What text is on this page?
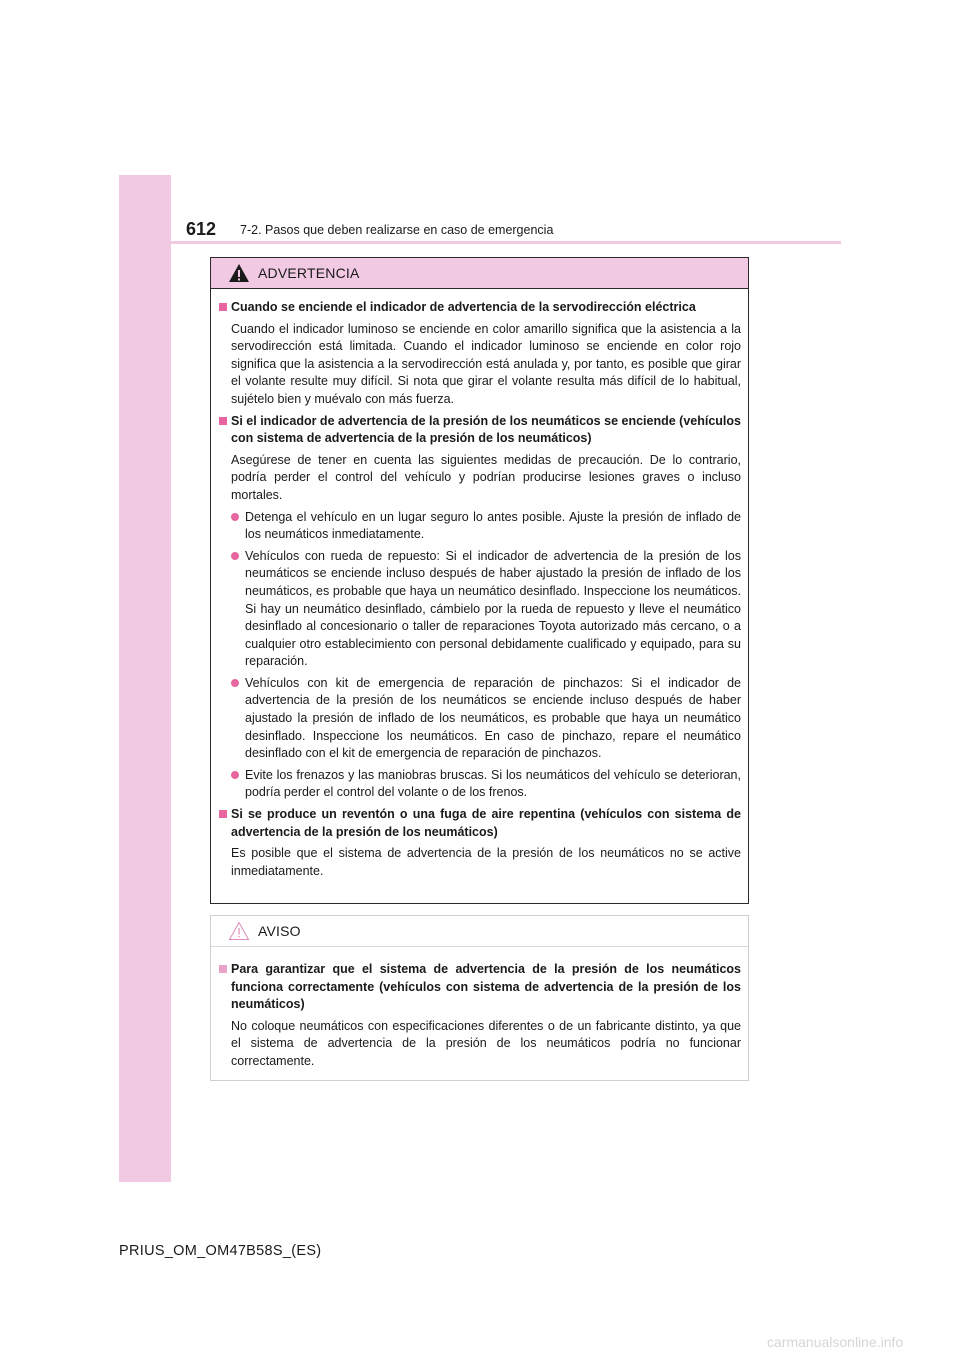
612 7-2. Pasos que deben realizarse en caso de emergencia
ADVERTENCIA
Cuando se enciende el indicador de advertencia de la servodirección eléctrica
Cuando el indicador luminoso se enciende en color amarillo significa que la asistencia a la servodirección está limitada. Cuando el indicador luminoso se enciende en color rojo significa que la asistencia a la servodirección está anulada y, por tanto, es posible que girar el volante resulte muy difícil. Si nota que girar el volante resulta más difícil de lo habitual, sujételo bien y muévalo con más fuerza.
Si el indicador de advertencia de la presión de los neumáticos se enciende (vehículos con sistema de advertencia de la presión de los neumáticos)
Asegúrese de tener en cuenta las siguientes medidas de precaución. De lo contrario, podría perder el control del vehículo y podrían producirse lesiones graves o incluso mortales.
Detenga el vehículo en un lugar seguro lo antes posible. Ajuste la presión de inflado de los neumáticos inmediatamente.
Vehículos con rueda de repuesto: Si el indicador de advertencia de la presión de los neumáticos se enciende incluso después de haber ajustado la presión de inflado de los neumáticos, es probable que haya un neumático desinflado. Inspeccione los neumáticos. Si hay un neumático desinflado, cámbielo por la rueda de repuesto y lleve el neumático desinflado al concesionario o taller de reparaciones Toyota autorizado más cercano, o a cualquier otro establecimiento con personal debidamente cualificado y equipado, para su reparación.
Vehículos con kit de emergencia de reparación de pinchazos: Si el indicador de advertencia de la presión de los neumáticos se enciende incluso después de haber ajustado la presión de inflado de los neumáticos, es probable que haya un neumático desinflado. Inspeccione los neumáticos. En caso de pinchazo, repare el neumático desinflado con el kit de emergencia de reparación de pinchazos.
Evite los frenazos y las maniobras bruscas. Si los neumáticos del vehículo se deterioran, podría perder el control del volante o de los frenos.
Si se produce un reventón o una fuga de aire repentina (vehículos con sistema de advertencia de la presión de los neumáticos)
Es posible que el sistema de advertencia de la presión de los neumáticos no se active inmediatamente.
AVISO
Para garantizar que el sistema de advertencia de la presión de los neumáticos funciona correctamente (vehículos con sistema de advertencia de la presión de los neumáticos)
No coloque neumáticos con especificaciones diferentes o de un fabricante distinto, ya que el sistema de advertencia de la presión de los neumáticos podría no funcionar correctamente.
PRIUS_OM_OM47B58S_(ES)
carmanualsonline.info
